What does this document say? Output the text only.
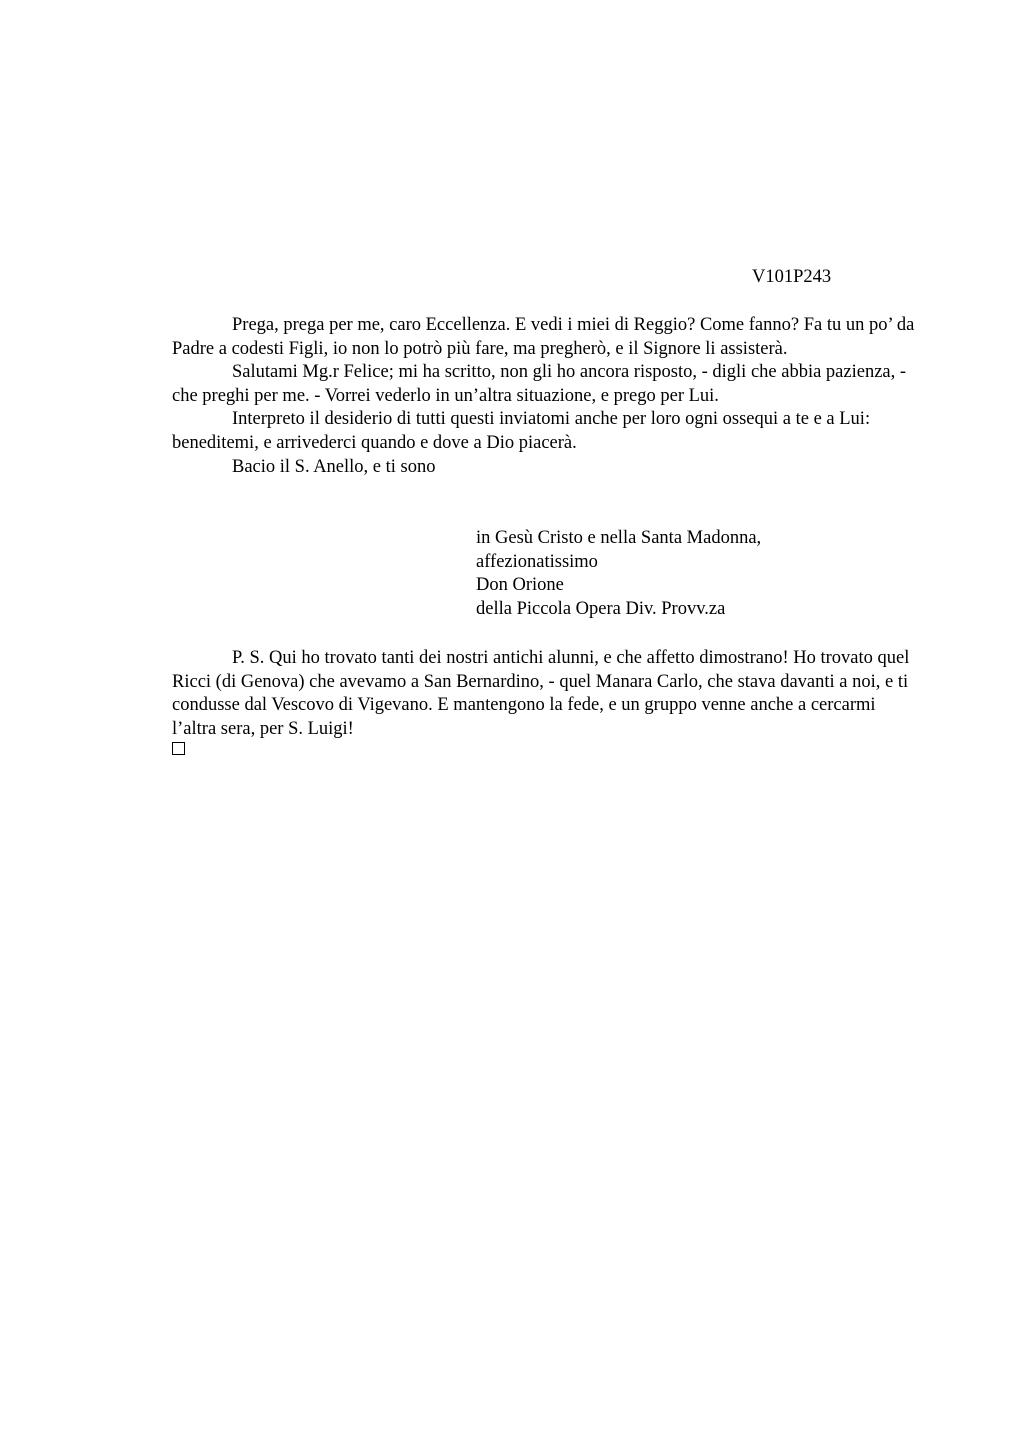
V101P243

Prega, prega per me, caro Eccellenza. E vedi i miei di Reggio? Come fanno? Fa tu un po’ da Padre a codesti Figli, io non lo potrò più fare, ma pregherò, e il Signore li assisterà.

Salutami Mg.r Felice; mi ha scritto, non gli ho ancora risposto, - digli che abbia pazienza, - che preghi per me. - Vorrei vederlo in un’altra situazione, e prego per Lui.

Interpreto il desiderio di tutti questi inviatomi anche per loro ogni ossequi a te e a Lui: beneditemi, e arrivederci quando e dove a Dio piacerà.

Bacio il S. Anello, e ti sono

in Gesù Cristo e nella Santa Madonna,

affezionatissimo

Don Orione

della Piccola Opera Div. Provv.za

P. S. Qui ho trovato tanti dei nostri antichi alunni, e che affetto dimostrano! Ho trovato quel Ricci (di Genova) che avevamo a San Bernardino, - quel Manara Carlo, che stava davanti a noi, e ti condusse dal Vescovo di Vigevano. E mantengono la fede, e un gruppo venne anche a cercarmi l’altra sera, per S. Luigi!
